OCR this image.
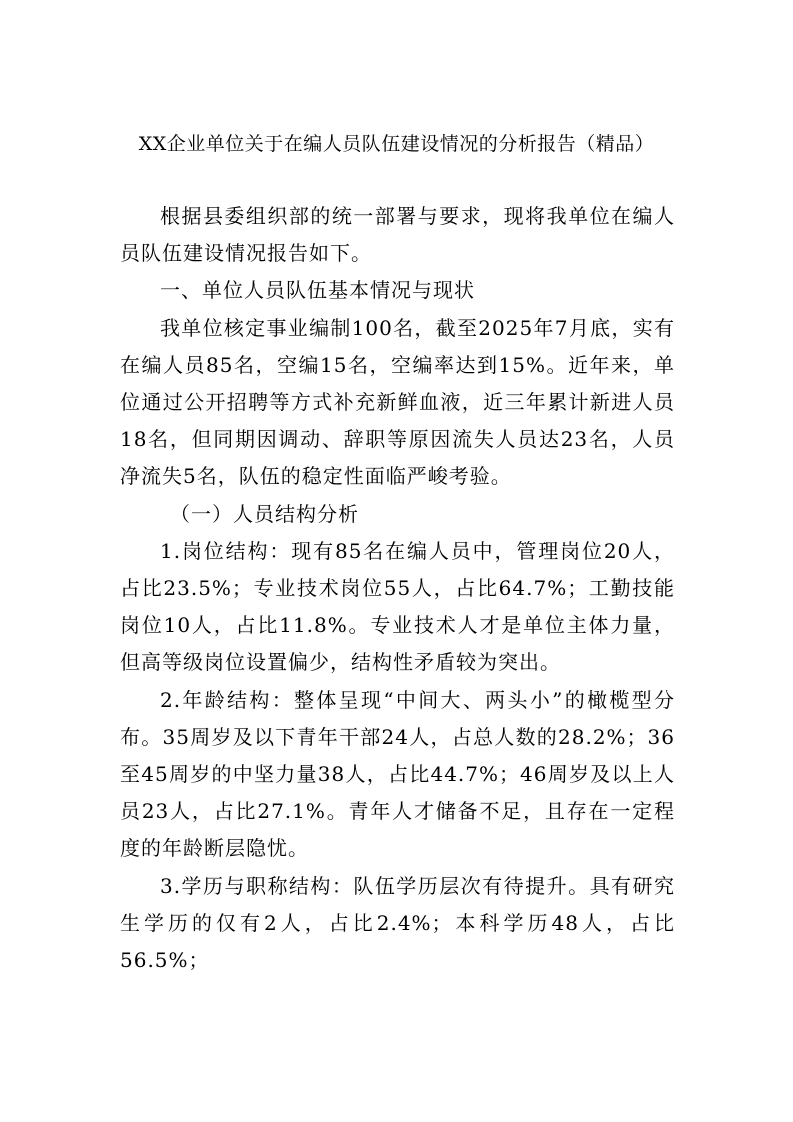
XX企业单位关于在编人员队伍建设情况的分析报告（精品）

根据县委组织部的统一部署与要求，现将我单位在编人员队伍建设情况报告如下。

一、单位人员队伍基本情况与现状

我单位核定事业编制100名，截至2025年7月底，实有在编人员85名，空编15名，空编率达到15%。近年来，单位通过公开招聘等方式补充新鲜血液，近三年累计新进人员18名，但同期因调动、辞职等原因流失人员达23名，人员净流失5名，队伍的稳定性面临严峻考验。

（一）人员结构分析

1.岗位结构：现有85名在编人员中，管理岗位20人，占比23.5%；专业技术岗位55人，占比64.7%；工勤技能岗位10人，占比11.8%。专业技术人才是单位主体力量，但高等级岗位设置偏少，结构性矛盾较为突出。

2.年龄结构：整体呈现“中间大、两头小”的橄榄型分布。35周岁及以下青年干部24人，占总人数的28.2%；36至45周岁的中坚力量38人，占比44.7%；46周岁及以上人员23人，占比27.1%。青年人才储备不足，且存在一定程度的年龄断层隐忧。

3.学历与职称结构：队伍学历层次有待提升。具有研究生学历的仅有2人，占比2.4%；本科学历48人，占比56.5%；
